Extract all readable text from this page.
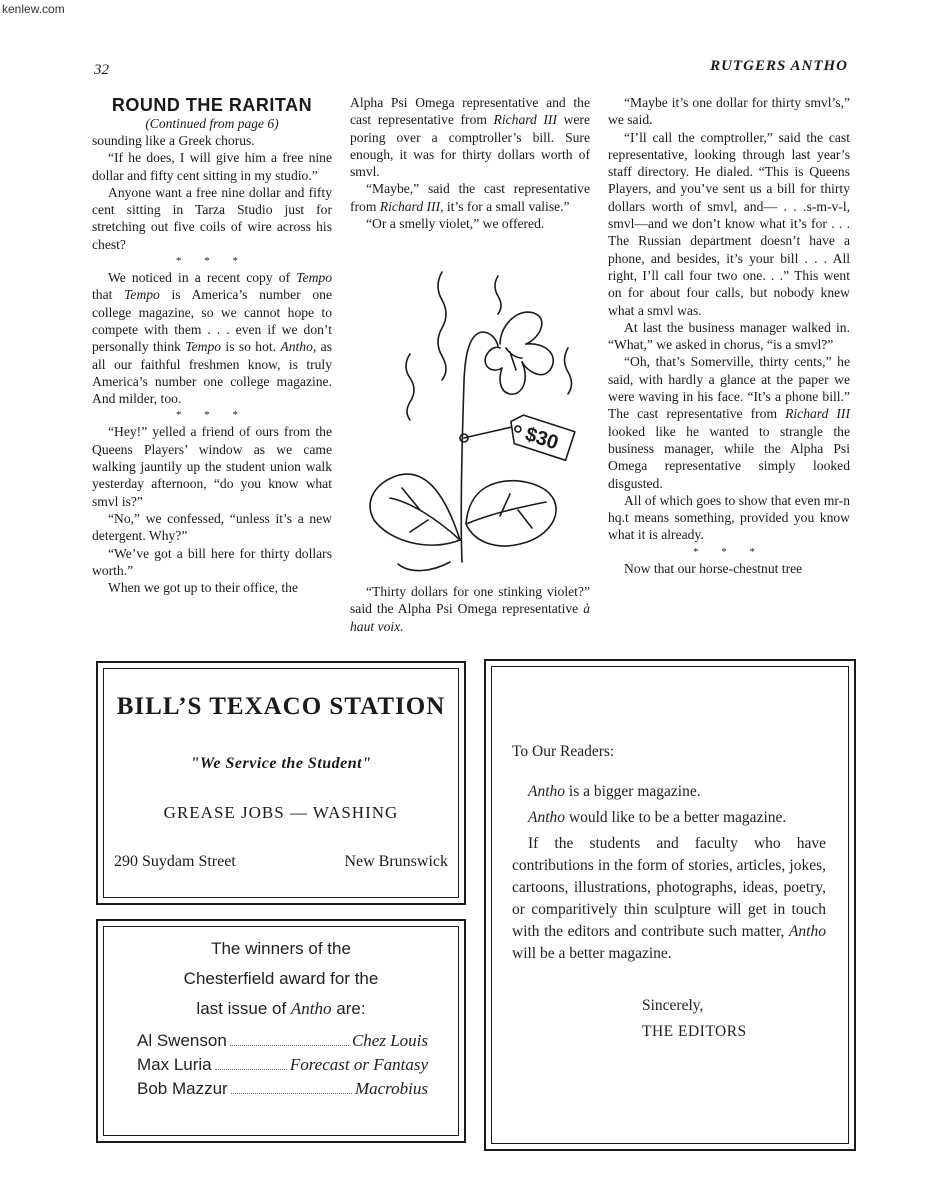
kenlew.com
32	RUTGERS ANTHO
ROUND THE RARITAN
(Continued from page 6)

sounding like a Greek chorus.

“If he does, I will give him a free nine dollar and fifty cent sitting in my studio.”

Anyone want a free nine dollar and fifty cent sitting in Tarza Studio just for stretching out five coils of wire across his chest?

* * *

We noticed in a recent copy of Tempo that Tempo is America’s number one college magazine, so we cannot hope to compete with them . . . even if we don’t personally think Tempo is so hot. Antho, as all our faithful freshmen know, is truly America’s number one college magazine. And milder, too.

* * *

“Hey!” yelled a friend of ours from the Queens Players’ window as we came walking jauntily up the student union walk yesterday afternoon, “do you know what smvl is?”

“No,” we confessed, “unless it’s a new detergent. Why?”

“We’ve got a bill here for thirty dollars worth.”

When we got up to their office, the

Alpha Psi Omega representative and the cast representative from Richard III were poring over a comptroller’s bill. Sure enough, it was for thirty dollars worth of smvl.

“Maybe,” said the cast representative from Richard III, it’s for a small valise.”

“Or a smelly violet,” we offered.

$30

“Thirty dollars for one stinking violet?” said the Alpha Psi Omega representative à haut voix.

“Maybe it’s one dollar for thirty smvl’s,” we said.

“I’ll call the comptroller,” said the cast representative, looking through last year’s staff directory. He dialed. “This is Queens Players, and you’ve sent us a bill for thirty dollars worth of smvl, and— . . .s-m-v-l, smvl—and we don’t know what it’s for . . . The Russian department doesn’t have a phone, and besides, it’s your bill . . . All right, I’ll call four two one. . .” This went on for about four calls, but nobody knew what a smvl was.

At last the business manager walked in. “What,” we asked in chorus, “is a smvl?”

“Oh, that’s Somerville, thirty cents,” he said, with hardly a glance at the paper we were waving in his face. “It’s a phone bill.” The cast representative from Richard III looked like he wanted to strangle the business manager, while the Alpha Psi Omega representative simply looked disgusted.

All of which goes to show that even mr-n hq.t means something, provided you know what it is already.

* * *

Now that our horse-chestnut tree

BILL’S TEXACO STATION
"We Service the Student"
GREASE JOBS — WASHING
290 Suydam Street	New Brunswick
The winners of the
Chesterfield award for the
last issue of Antho are:
Al Swenson	Chez Louis
Max Luria	Forecast or Fantasy
Bob Mazzur	Macrobius
To Our Readers:
Antho is a bigger magazine.
Antho would like to be a better magazine.
If the students and faculty who have contributions in the form of stories, articles, jokes, cartoons, illustrations, photographs, ideas, poetry, or comparitively thin sculpture will get in touch with the editors and contribute such matter, Antho will be a better magazine.
Sincerely,
THE EDITORS
